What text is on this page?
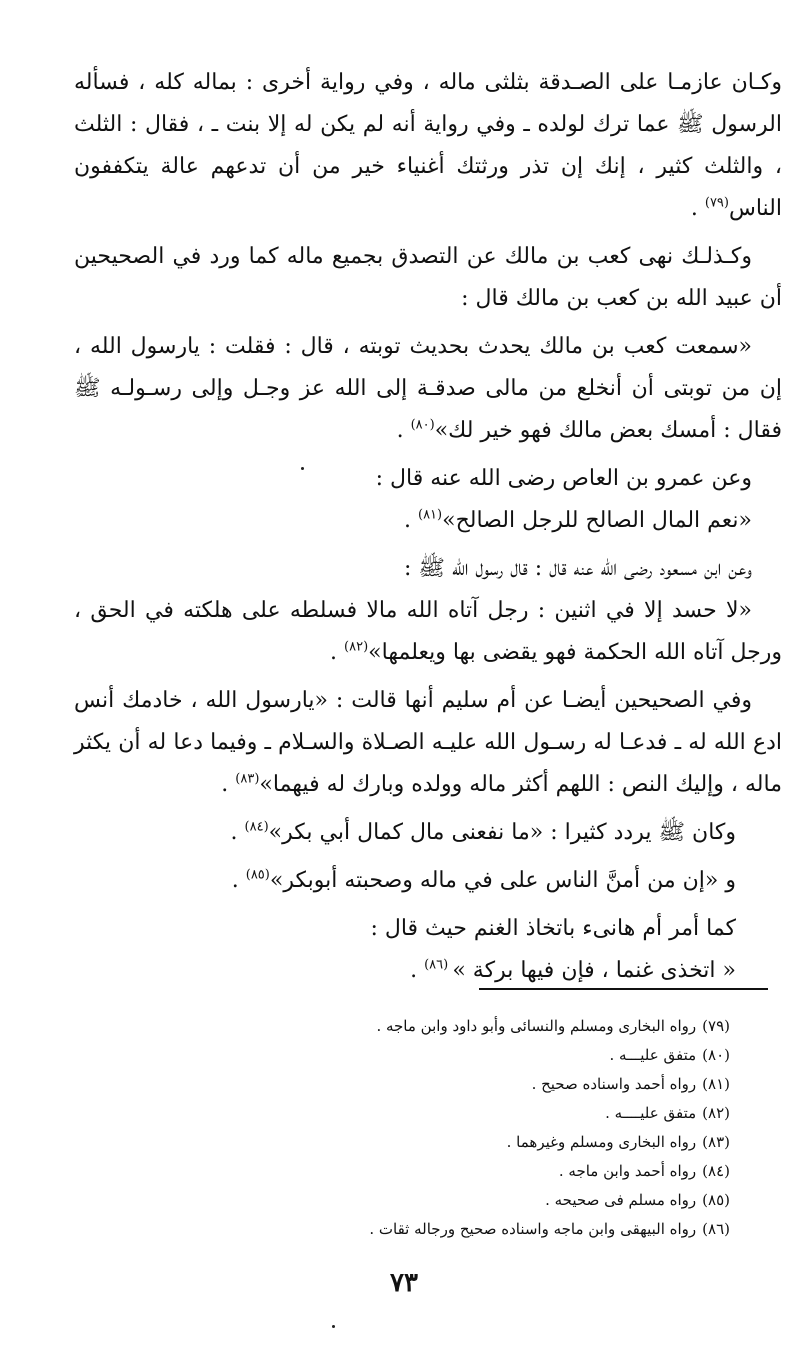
وكـان عازمـا على الصـدقة بثلثى ماله ، وفي رواية أخرى : بماله كله ، فسأله الرسول ﷺ عما ترك لولده ـ وفي رواية أنه لم يكن له إلا بنت ـ ، فقال : الثلث ، والثلث كثير ، إنك إن تذر ورثتك أغنياء خير من أن تدعهم عالة يتكففون الناس$^{(٧٩)}$ .

وكـذلـك نهى كعب بن مالك عن التصدق بجميع ماله كما ورد في الصحيحين أن عبيد الله بن كعب بن مالك قال :

«سمعت كعب بن مالك يحدث بحديث توبته ، قال : فقلت : يارسول الله ، إن من توبتى أن أنخلع من مالى صدقـة إلى الله عز وجـل وإلى رسـولـه ﷺ فقال : أمسك بعض مالك فهو خير لك»$^{(٨٠)}$ .

وعن عمرو بن العاص رضى الله عنه قال :

«نعم المال الصالح للرجل الصالح»$^{(٨١)}$ .

وعن ابن مسعود رضى الله عنه قال : قال رسول الله ﷺ :

«لا حسد إلا في اثنين : رجل آتاه الله مالا فسلطه على هلكته في الحق ، ورجل آتاه الله الحكمة فهو يقضى بها ويعلمها»$^{(٨٢)}$ .

وفي الصحيحين أيضـا عن أم سليم أنها قالت : «يارسول الله ، خادمك أنس ادع الله له ـ فدعـا له رسـول الله عليـه الصـلاة والسـلام ـ وفيما دعا له أن يكثر ماله ، وإليك النص : اللهم أكثر ماله وولده وبارك له فيهما»$^{(٨٣)}$ .

وكان ﷺ يردد كثيرا : «ما نفعنى مال كمال أبي بكر»$^{(٨٤)}$ .

و «إن من أمنَّ الناس على في ماله وصحبته أبوبكر»$^{(٨٥)}$ .

كما أمر أم هانىء باتخاذ الغنم حيث قال :

« اتخذى غنما ، فإن فيها بركة » $^{(٨٦)}$ .

(٧٩)رواه البخارى ومسلم والنسائى وأبو داود وابن ماجه .
(٨٠)متفق عليـــه .
(٨١)رواه أحمد واسناده صحيح .
(٨٢)متفق عليــــه .
(٨٣)رواه البخارى ومسلم وغيرهما .
(٨٤)رواه أحمد وابن ماجه .
(٨٥)رواه مسلم فى صحيحه .
(٨٦)رواه البيهقى وابن ماجه واسناده صحيح ورجاله ثقات .
٧٣
